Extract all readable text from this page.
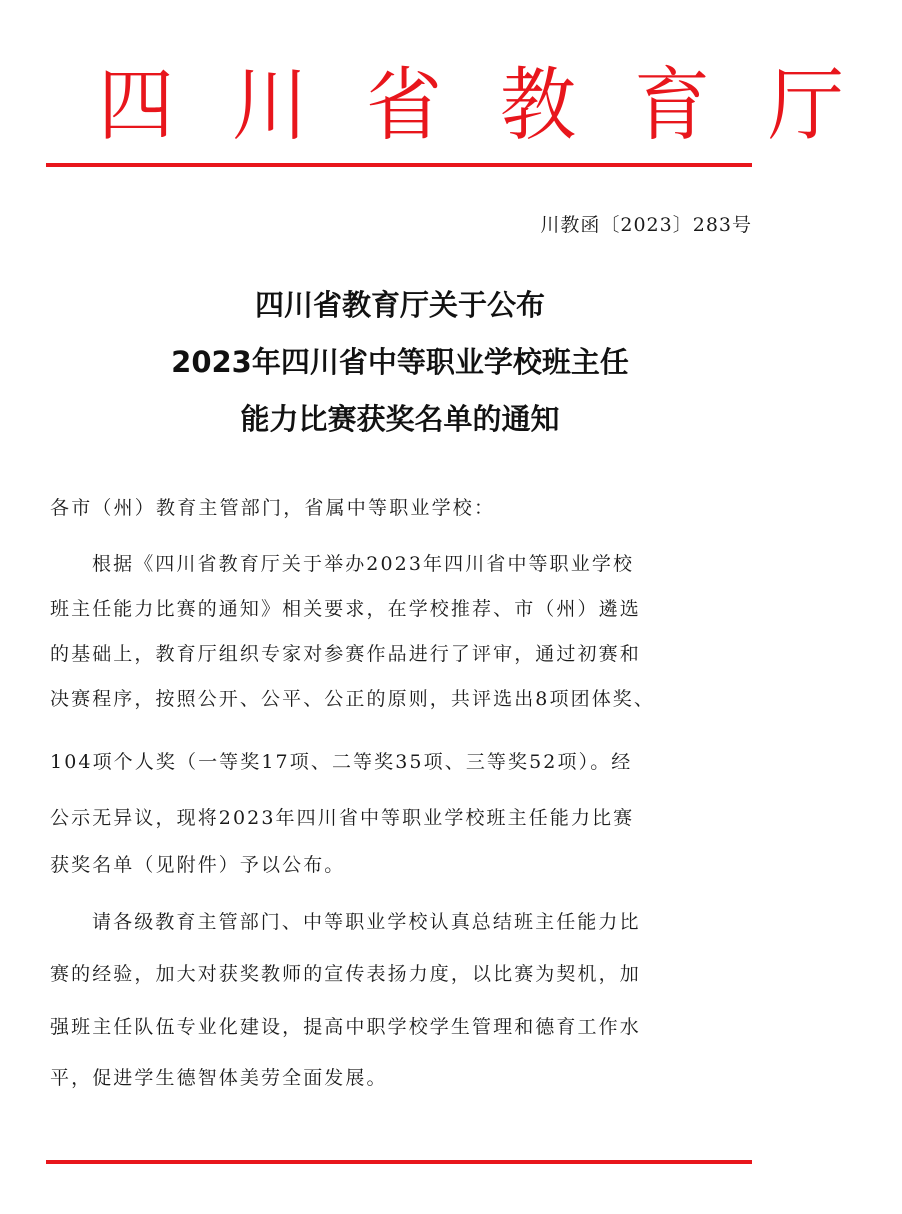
四川省教育厅
川教函〔2023〕283号
四川省教育厅关于公布
2023年四川省中等职业学校班主任
能力比赛获奖名单的通知
各市（州）教育主管部门，省属中等职业学校：
根据《四川省教育厅关于举办2023年四川省中等职业学校
班主任能力比赛的通知》相关要求，在学校推荐、市（州）遴选
的基础上，教育厅组织专家对参赛作品进行了评审，通过初赛和
决赛程序，按照公开、公平、公正的原则，共评选出8项团体奖、
104项个人奖（一等奖17项、二等奖35项、三等奖52项）。经
公示无异议，现将2023年四川省中等职业学校班主任能力比赛
获奖名单（见附件）予以公布。
请各级教育主管部门、中等职业学校认真总结班主任能力比
赛的经验，加大对获奖教师的宣传表扬力度，以比赛为契机，加
强班主任队伍专业化建设，提高中职学校学生管理和德育工作水
平，促进学生德智体美劳全面发展。
